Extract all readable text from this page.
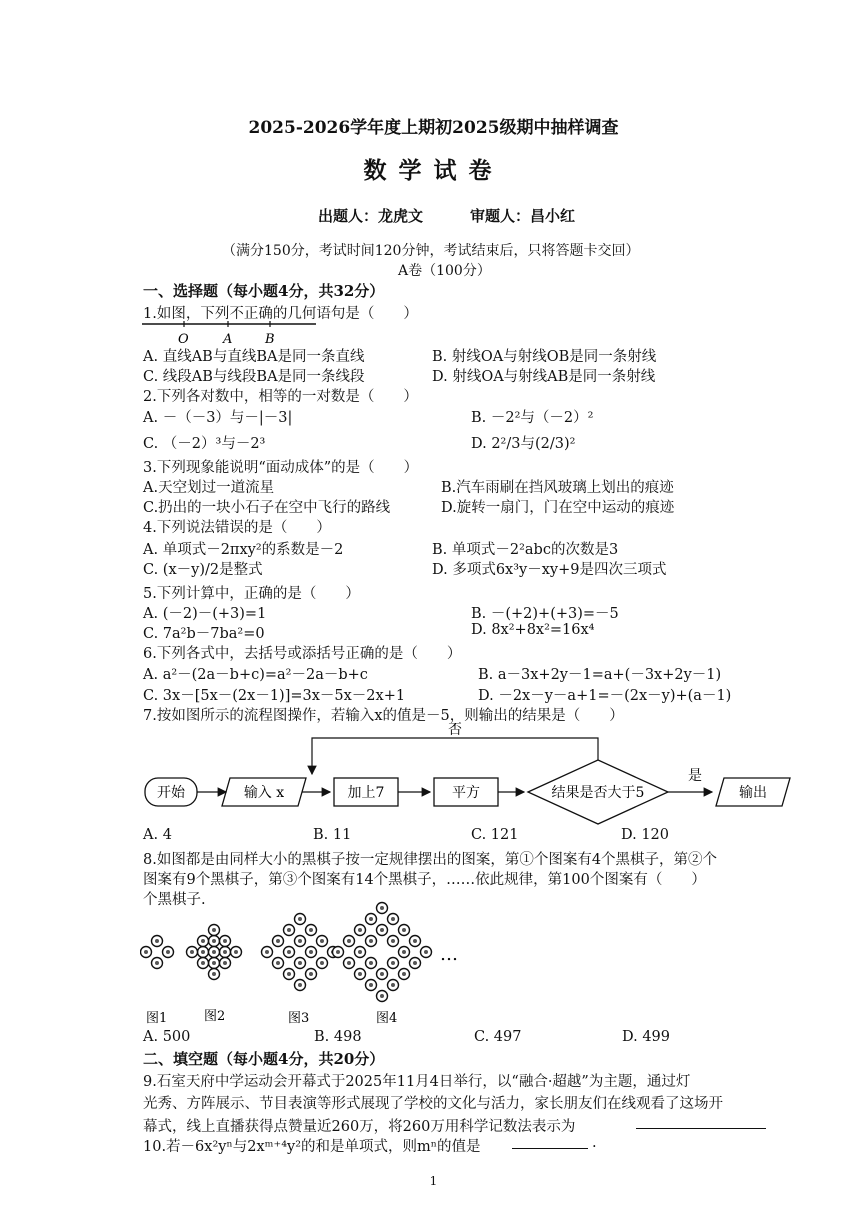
2025-2026学年度上期初2025级期中抽样调查
数学试卷
出题人：龙虎文	审题人：昌小红
（满分150分，考试时间120分钟，考试结束后，只将答题卡交回）
A卷（100分）
一、选择题（每小题4分，共32分）
1.如图，下列不正确的几何语句是（　　）
O	A	B
A. 直线AB与直线BA是同一条直线	B. 射线OA与射线OB是同一条射线
C. 线段AB与线段BA是同一条线段	D. 射线OA与射线AB是同一条射线
2.下列各对数中，相等的一对数是（　　）
A. －（－3）与－|－3|	B. －2²与（－2）²
C. （－2）³与－2³	D. 2²/3与(2/3)²
3.下列现象能说明“面动成体”的是（　　）
A.天空划过一道流星	B.汽车雨刷在挡风玻璃上划出的痕迹
C.扔出的一块小石子在空中飞行的路线	D.旋转一扇门，门在空中运动的痕迹
4.下列说法错误的是（　　）
A. 单项式－2πxy²的系数是－2	B. 单项式－2²abc的次数是3
C. (x－y)/2是整式	D. 多项式6x³y－xy+9是四次三项式
5.下列计算中，正确的是（　　）
A. (－2)－(+3)=1	B. －(+2)+(+3)=－5
C. 7a²b－7ba²=0	D. 8x²+8x²=16x⁴
6.下列各式中，去括号或添括号正确的是（　　）
A. a²－(2a－b+c)=a²－2a－b+c	B. a－3x+2y－1=a+(－3x+2y－1)
C. 3x－[5x－(2x－1)]=3x－5x－2x+1	D. －2x－y－a+1=－(2x－y)+(a－1)
7.按如图所示的流程图操作，若输入x的值是－5，则输出的结果是（　　）
开始	输入 x	加上7	平方	结果是否大于5
否
是
输出
A. 4	B. 11	C. 121	D. 120
8.如图都是由同样大小的黑棋子按一定规律摆出的图案，第①个图案有4个黑棋子，第②个
图案有9个黑棋子，第③个图案有14个黑棋子，……依此规律，第100个图案有（　　）
个黑棋子.
…
图1	图2	图3	图4
A. 500	B. 498	C. 497	D. 499
二、填空题（每小题4分，共20分）
9.石室天府中学运动会开幕式于2025年11月4日举行，以“融合·超越”为主题，通过灯
光秀、方阵展示、节目表演等形式展现了学校的文化与活力，家长朋友们在线观看了这场开
幕式，线上直播获得点赞量近260万，将260万用科学记数法表示为
10.若－6x²yⁿ与2xᵐ⁺⁴y²的和是单项式，则mⁿ的值是	.
1
